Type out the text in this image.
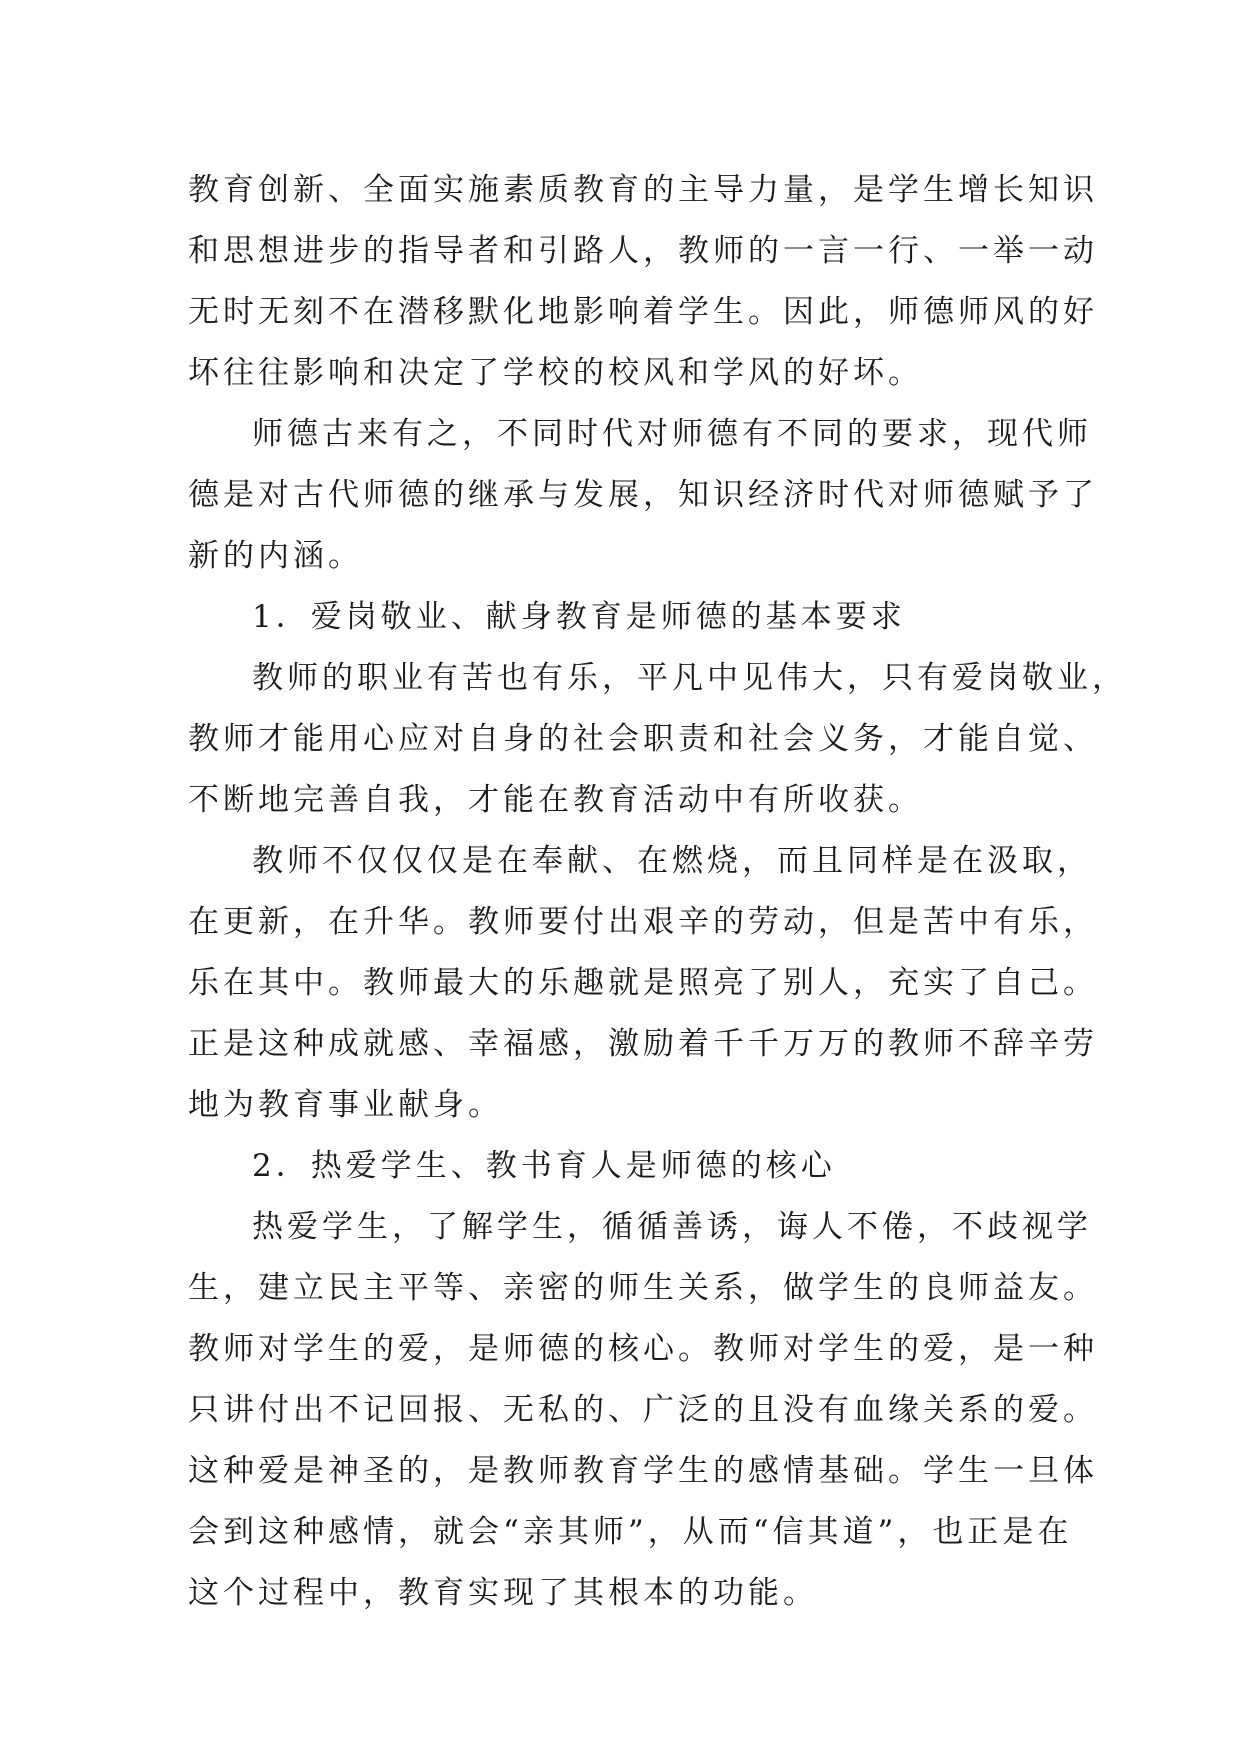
教育创新、全面实施素质教育的主导力量，是学生增长知识
和思想进步的指导者和引路人，教师的一言一行、一举一动
无时无刻不在潜移默化地影响着学生。因此，师德师风的好
坏往往影响和决定了学校的校风和学风的好坏。
师德古来有之，不同时代对师德有不同的要求，现代师
德是对古代师德的继承与发展，知识经济时代对师德赋予了
新的内涵。
1．爱岗敬业、献身教育是师德的基本要求
教师的职业有苦也有乐，平凡中见伟大，只有爱岗敬业，
教师才能用心应对自身的社会职责和社会义务，才能自觉、
不断地完善自我，才能在教育活动中有所收获。
教师不仅仅仅是在奉献、在燃烧，而且同样是在汲取，
在更新，在升华。教师要付出艰辛的劳动，但是苦中有乐，
乐在其中。教师最大的乐趣就是照亮了别人，充实了自己。
正是这种成就感、幸福感，激励着千千万万的教师不辞辛劳
地为教育事业献身。
2．热爱学生、教书育人是师德的核心
热爱学生，了解学生，循循善诱，诲人不倦，不歧视学
生，建立民主平等、亲密的师生关系，做学生的良师益友。
教师对学生的爱，是师德的核心。教师对学生的爱，是一种
只讲付出不记回报、无私的、广泛的且没有血缘关系的爱。
这种爱是神圣的，是教师教育学生的感情基础。学生一旦体
会到这种感情，就会“亲其师”，从而“信其道”，也正是在
这个过程中，教育实现了其根本的功能。
